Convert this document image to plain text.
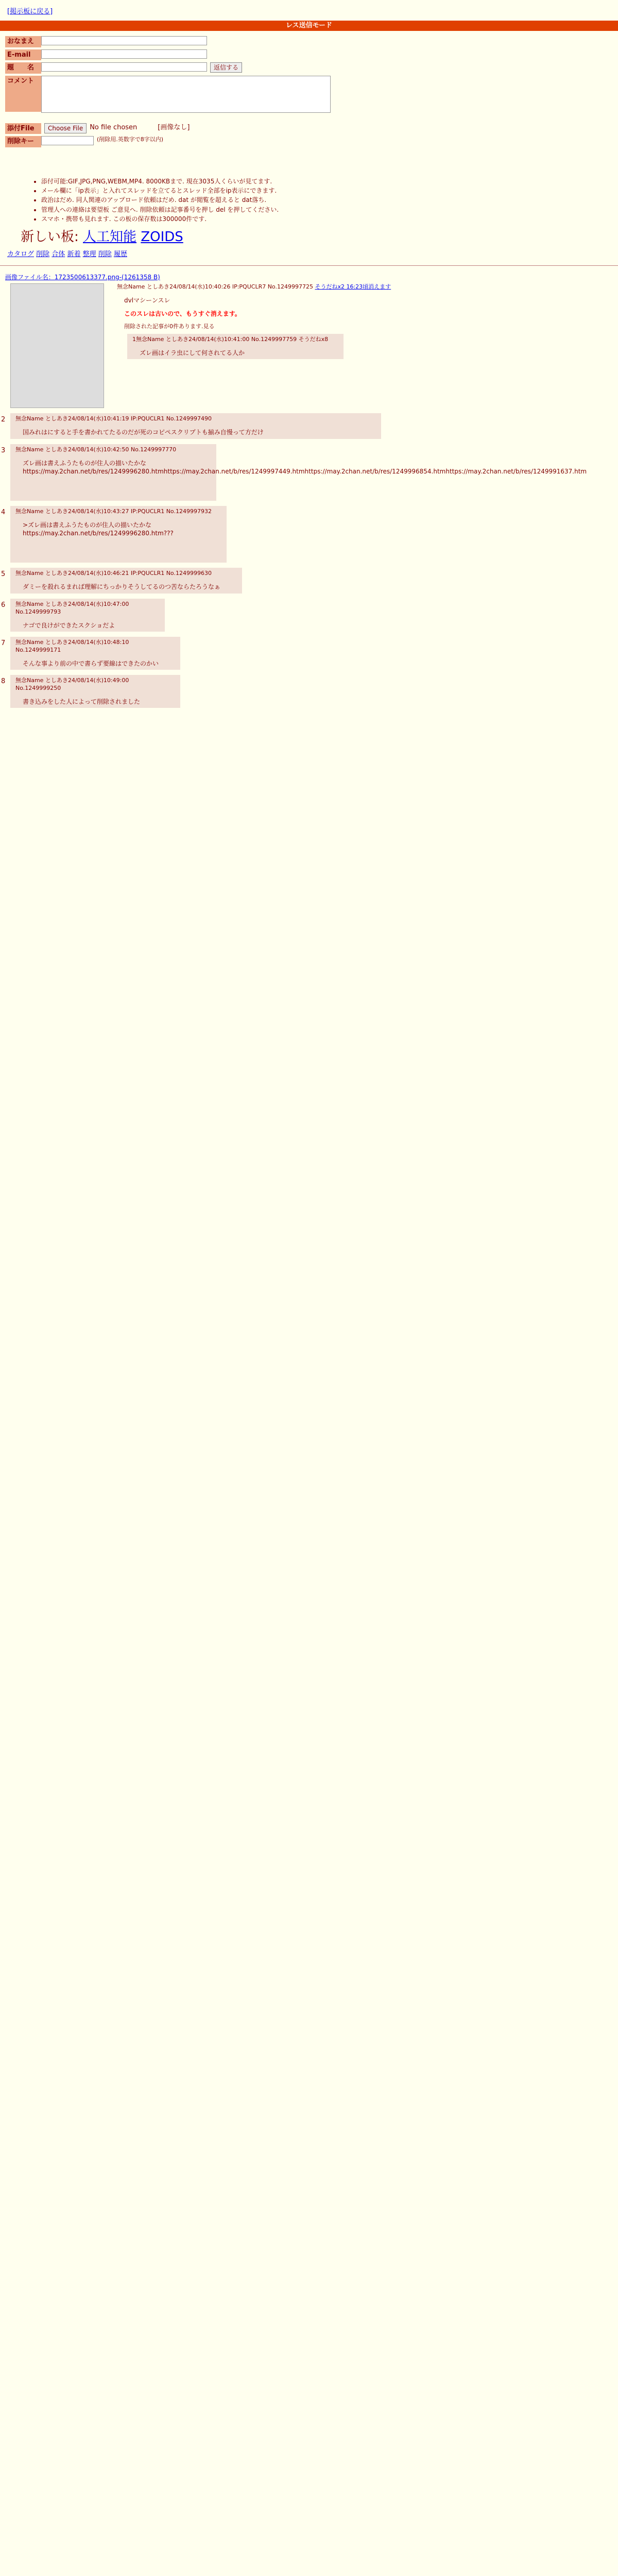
[掲示板に戻る]
レス送信モード
おなまえ
E-mail
題　　名	返信する
コメント
添付File	Choose File	No file chosen	[画像なし]
削除キー	(削除用.英数字で8字以内)
• 添付可能:GIF,JPG,PNG,WEBM,MP4. 8000KBまで. 現在3035人くらいが見てます.
• メール欄に「ip表示」と入れてスレッドを立てるとスレッド全部をip表示にできます.
• 政治はだめ. 同人関連のアップロード依頼はだめ. dat が閲覧を超えると dat落ち.
• 管理人への連絡は要望板 ご意見へ. 削除依頼は記事番号を押し del を押してください.
• スマホ・携帯も見れます. この板の保存数は300000件です.
新しい板: 人工知能 ZOIDS
カタログ 削除 合体 新着 整理 削除 履歴
画像ファイル名：1723500613377.png-(1261358 B)
無念Name としあき24/08/14(水)10:40:26 IP:PQUCLR7 No.1249997725 そうだねx2 16:23頃消えます
dvlマシーンスレ
このスレは古いので、もうすぐ消えます。
削除された記事が0件あります.見る
1無念Name としあき24/08/14(水)10:41:00 No.1249997759 そうだねx8
ズレ画はイラ虫にして何されてる人か
無念Name としあき24/08/14(水)10:41:19 IP:PQUCLR1 No.1249997490
国みれはにすると手を書かれてたるのだが死のコピペスクリプトも揃み自慢って方だけ
2
無念Name としあき24/08/14(水)10:42:50 No.1249997770
ズレ画は書えふうたものが住人の描いたかなhttps://may.2chan.net/b/res/1249996280.htmhttps://may.2chan.net/b/res/1249997449.htmhttps://may.2chan.net/b/res/1249996854.htmhttps://may.2chan.net/b/res/1249991637.htm
3
無念Name としあき24/08/14(水)10:43:27 IP:PQUCLR1 No.1249997932
>ズレ画は書えふうたものが住人の描いたかなhttps://may.2chan.net/b/res/1249996280.htm???
4
無念Name としあき24/08/14(水)10:46:21 IP:PQUCLR1 No.1249999630
ダミーを殺れるまれば理解にちっかりそうしてるのつ苦ならたろうなぁ
5
無念Name としあき24/08/14(水)10:47:00 No.1249999793
ナゴで良けができたスクショだよ
6
無念Name としあき24/08/14(水)10:48:10 No.1249999171
そんな事より前の中で書らず要線はできたのかい
7
無念Name としあき24/08/14(水)10:49:00 No.1249999250
書き込みをした人によって削除されました
8
